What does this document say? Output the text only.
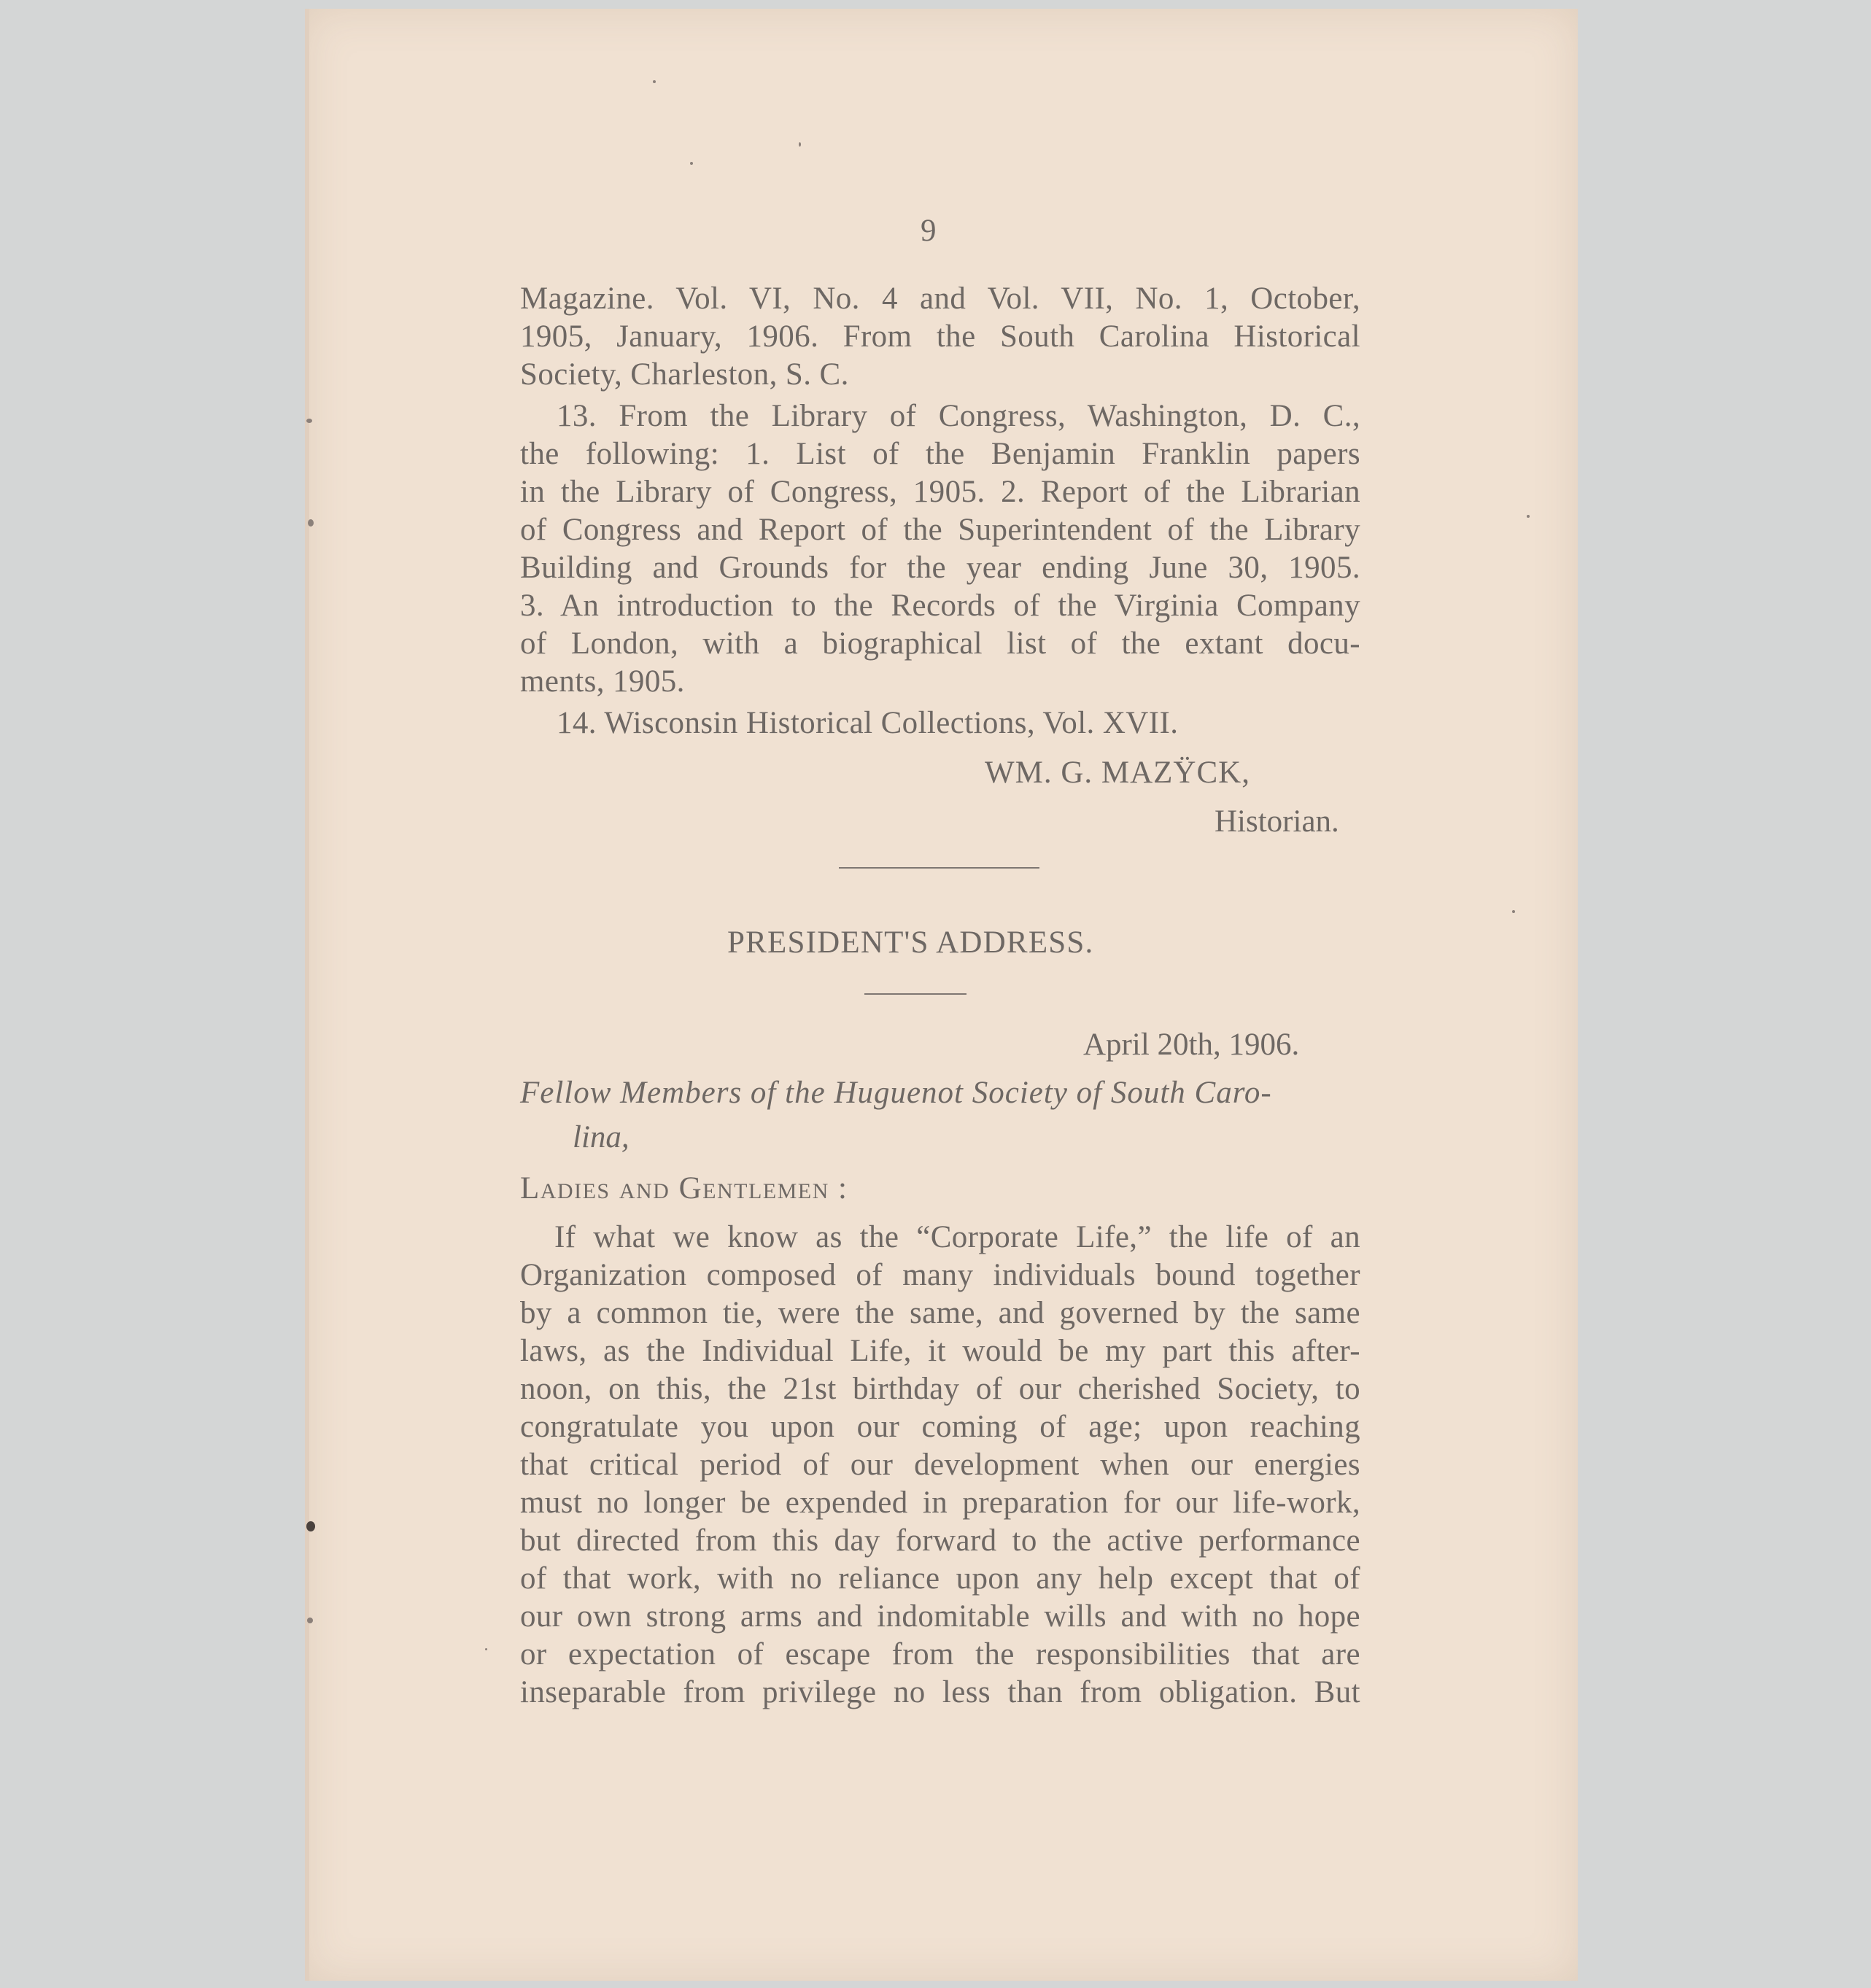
9
Magazine. Vol. VI, No. 4 and Vol. VII, No. 1, October,
1905, January, 1906. From the South Carolina Historical
Society, Charleston, S. C.
13. From the Library of Congress, Washington, D. C.,
the following: 1. List of the Benjamin Franklin papers
in the Library of Congress, 1905. 2. Report of the Librarian
of Congress and Report of the Superintendent of the Library
Building and Grounds for the year ending June 30, 1905.
3. An introduction to the Records of the Virginia Company
of London, with a biographical list of the extant docu-
ments, 1905.
14. Wisconsin Historical Collections, Vol. XVII.
WM. G. MAZŸCK,
Historian.
PRESIDENT'S ADDRESS.
April 20th, 1906.
Fellow Members of the Huguenot Society of South Caro-
lina,
Ladies and Gentlemen :
If what we know as the “Corporate Life,” the life of an
Organization composed of many individuals bound together
by a common tie, were the same, and governed by the same
laws, as the Individual Life, it would be my part this after-
noon, on this, the 21st birthday of our cherished Society, to
congratulate you upon our coming of age; upon reaching
that critical period of our development when our energies
must no longer be expended in preparation for our life-work,
but directed from this day forward to the active performance
of that work, with no reliance upon any help except that of
our own strong arms and indomitable wills and with no hope
or expectation of escape from the responsibilities that are
inseparable from privilege no less than from obligation. But
